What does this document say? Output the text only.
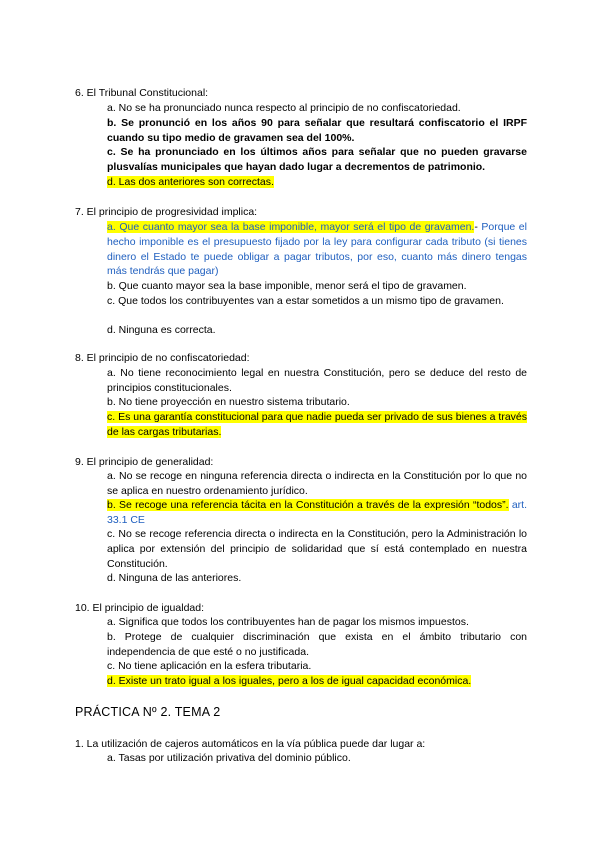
6. El Tribunal Constitucional:
a. No se ha pronunciado nunca respecto al principio de no confiscatoriedad.
b. Se pronunció en los años 90 para señalar que resultará confiscatorio el IRPF cuando su tipo medio de gravamen sea del 100%.
c. Se ha pronunciado en los últimos años para señalar que no pueden gravarse plusvalías municipales que hayan dado lugar a decrementos de patrimonio.
d. Las dos anteriores son correctas.
7. El principio de progresividad implica:
a. Que cuanto mayor sea la base imponible, mayor será el tipo de gravamen.- Porque el hecho imponible es el presupuesto fijado por la ley para configurar cada tributo (si tienes dinero el Estado te puede obligar a pagar tributos, por eso, cuanto más dinero tengas más tendrás que pagar)
b. Que cuanto mayor sea la base imponible, menor será el tipo de gravamen.
c. Que todos los contribuyentes van a estar sometidos a un mismo tipo de gravamen.
d. Ninguna es correcta.
8. El principio de no confiscatoriedad:
a. No tiene reconocimiento legal en nuestra Constitución, pero se deduce del resto de principios constitucionales.
b. No tiene proyección en nuestro sistema tributario.
c. Es una garantía constitucional para que nadie pueda ser privado de sus bienes a través de las cargas tributarias.
9. El principio de generalidad:
a. No se recoge en ninguna referencia directa o indirecta en la Constitución por lo que no se aplica en nuestro ordenamiento jurídico.
b. Se recoge una referencia tácita en la Constitución a través de la expresión “todos”. art. 33.1 CE
c. No se recoge referencia directa o indirecta en la Constitución, pero la Administración lo aplica por extensión del principio de solidaridad que sí está contemplado en nuestra Constitución.
d. Ninguna de las anteriores.
10. El principio de igualdad:
a. Significa que todos los contribuyentes han de pagar los mismos impuestos.
b. Protege de cualquier discriminación que exista en el ámbito tributario con independencia de que esté o no justificada.
c. No tiene aplicación en la esfera tributaria.
d. Existe un trato igual a los iguales, pero a los de igual capacidad económica.
PRÁCTICA Nº 2. TEMA 2
1. La utilización de cajeros automáticos en la vía pública puede dar lugar a:
a. Tasas por utilización privativa del dominio público.
